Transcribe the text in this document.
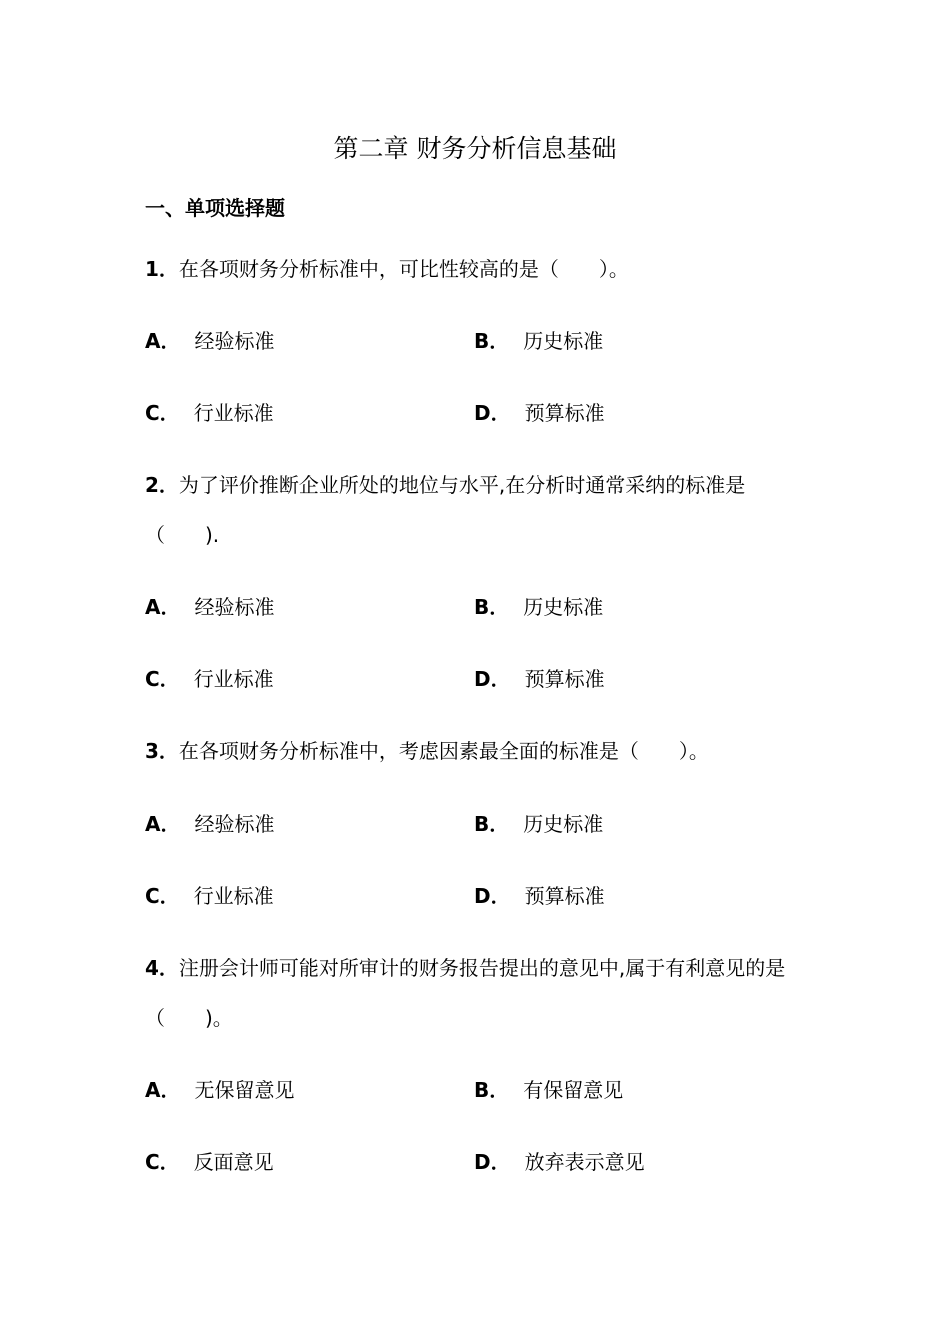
第二章 财务分析信息基础
一、单项选择题
1．在各项财务分析标准中，可比性较高的是（　　）。
A． 经验标准	B． 历史标准
C． 行业标准	D． 预算标准
2．为了评价推断企业所处的地位与水平,在分析时通常采纳的标准是（　　).
A． 经验标准	B． 历史标准
C． 行业标准	D． 预算标准
3．在各项财务分析标准中，考虑因素最全面的标准是（　　）。
A． 经验标准	B． 历史标准
C． 行业标准	D． 预算标准
4．注册会计师可能对所审计的财务报告提出的意见中,属于有利意见的是（　　)。
A． 无保留意见	B． 有保留意见
C． 反面意见	D． 放弃表示意见
